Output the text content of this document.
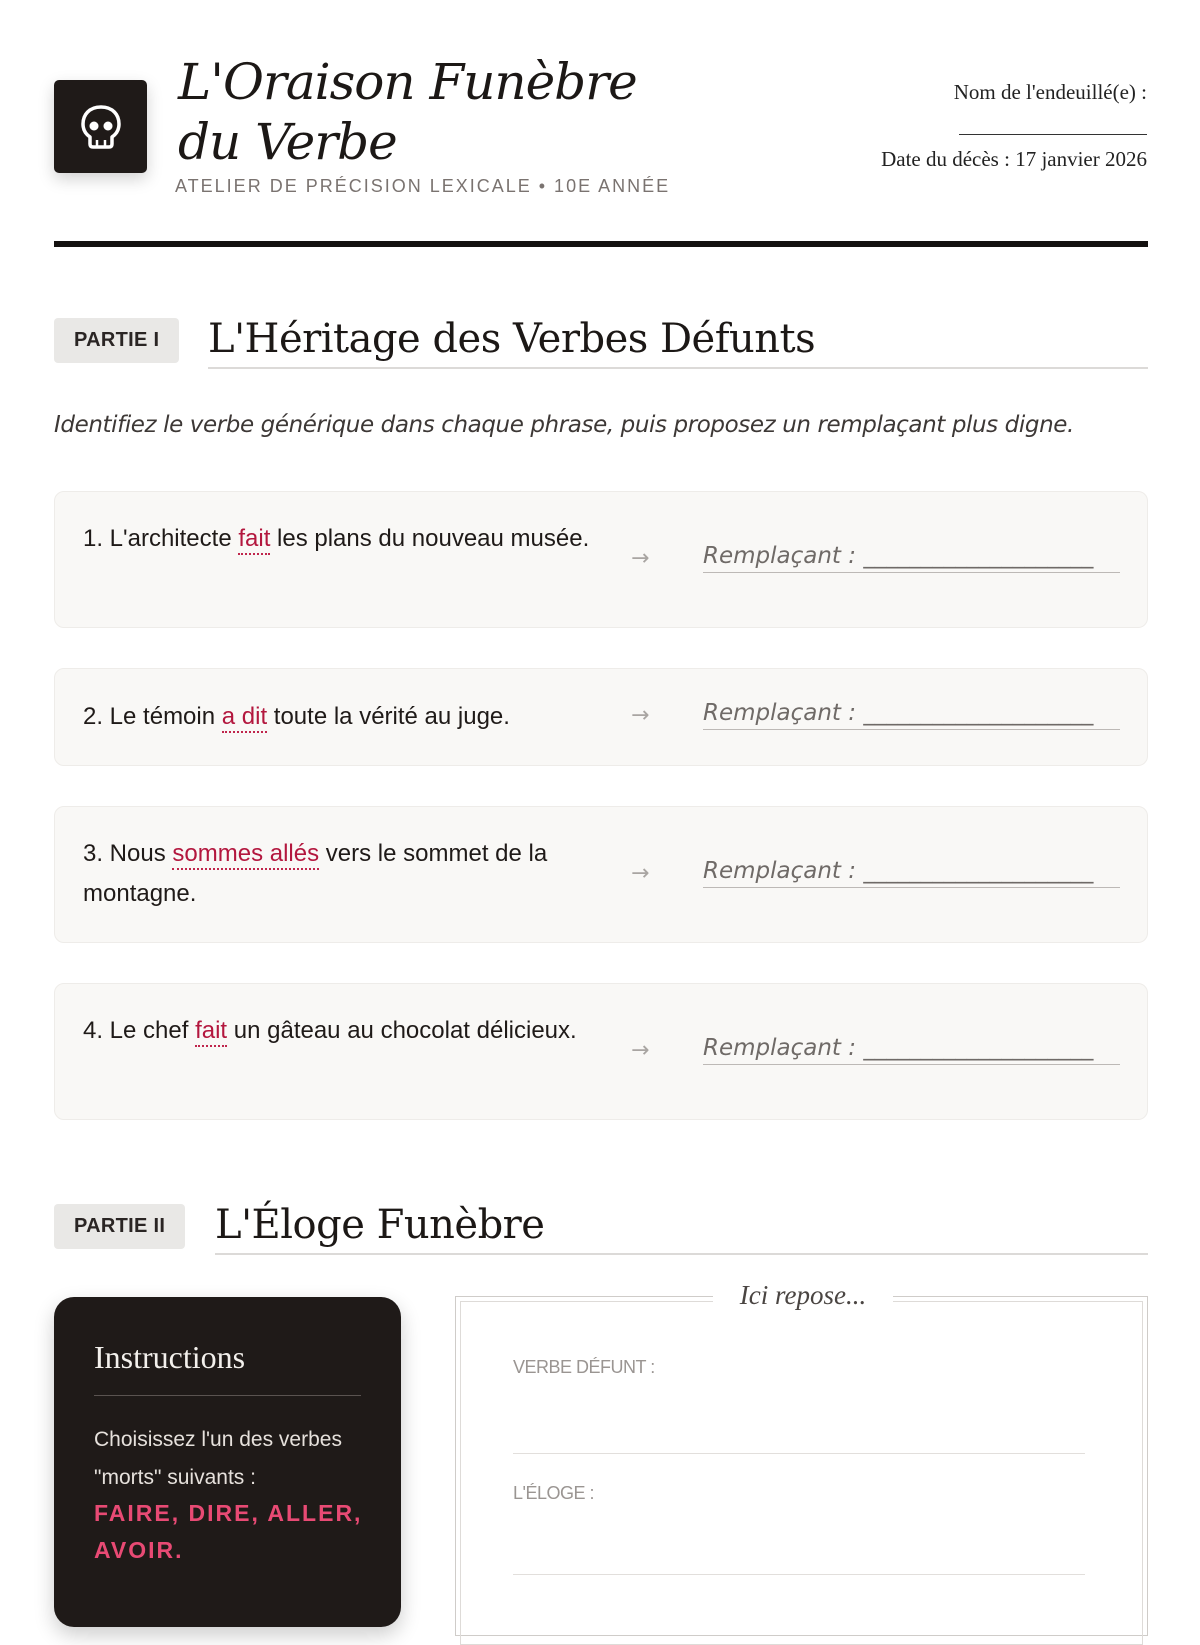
L'Oraison Funèbre du Verbe
ATELIER DE PRÉCISION LEXICALE • 10E ANNÉE
Nom de l'endeuillé(e) :
Date du décès : 17 janvier 2026
PARTIE I	L'Héritage des Verbes Défunts
Identifiez le verbe générique dans chaque phrase, puis proposez un remplaçant plus digne.
1. L'architecte fait les plans du nouveau musée.
→ Remplaçant : ____________________
2. Le témoin a dit toute la vérité au juge.	→ Remplaçant : ____________________
3. Nous sommes allés vers le sommet de la montagne.
→ Remplaçant : ____________________
4. Le chef fait un gâteau au chocolat délicieux.
→ Remplaçant : ____________________
PARTIE II	L'Éloge Funèbre
Instructions
Choisissez l'un des verbes "morts" suivants :
FAIRE, DIRE, ALLER, AVOIR.
Ici repose...
VERBE DÉFUNT :
L'ÉLOGE :
